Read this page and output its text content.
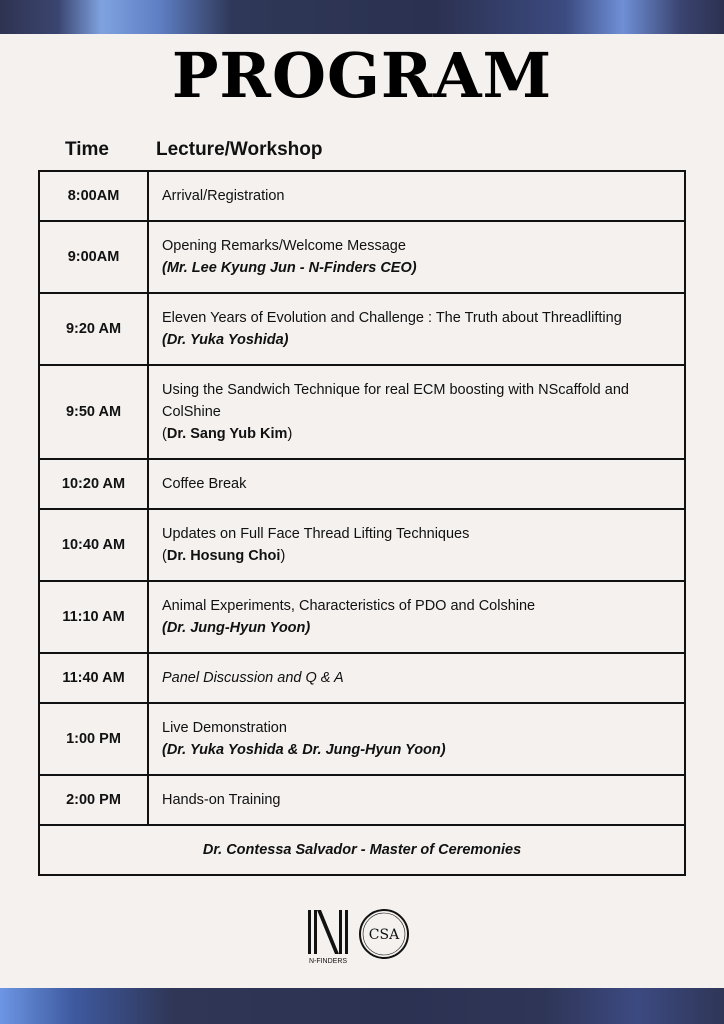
PROGRAM
Time Lecture/Workshop
8:00AM	Arrival/Registration

9:00AM	Opening Remarks/Welcome Message
(Mr. Lee Kyung Jun - N-Finders CEO)

9:20 AM	Eleven Years of Evolution and Challenge : The Truth about Threadlifting
(Dr. Yuka Yoshida)

9:50 AM	Using the Sandwich Technique for real ECM boosting with NScaffold and ColShine
(Dr. Sang Yub Kim)

10:20 AM	Coffee Break

10:40 AM	Updates on Full Face Thread Lifting Techniques
(Dr. Hosung Choi)

11:10 AM	Animal Experiments, Characteristics of PDO and Colshine
(Dr. Jung-Hyun Yoon)

11:40 AM	Panel Discussion and Q & A

1:00 PM	Live Demonstration
(Dr. Yuka Yoshida & Dr. Jung-Hyun Yoon)

2:00 PM	Hands-on Training

Dr. Contessa Salvador - Master of Ceremonies	
N-FINDERS
CSA
